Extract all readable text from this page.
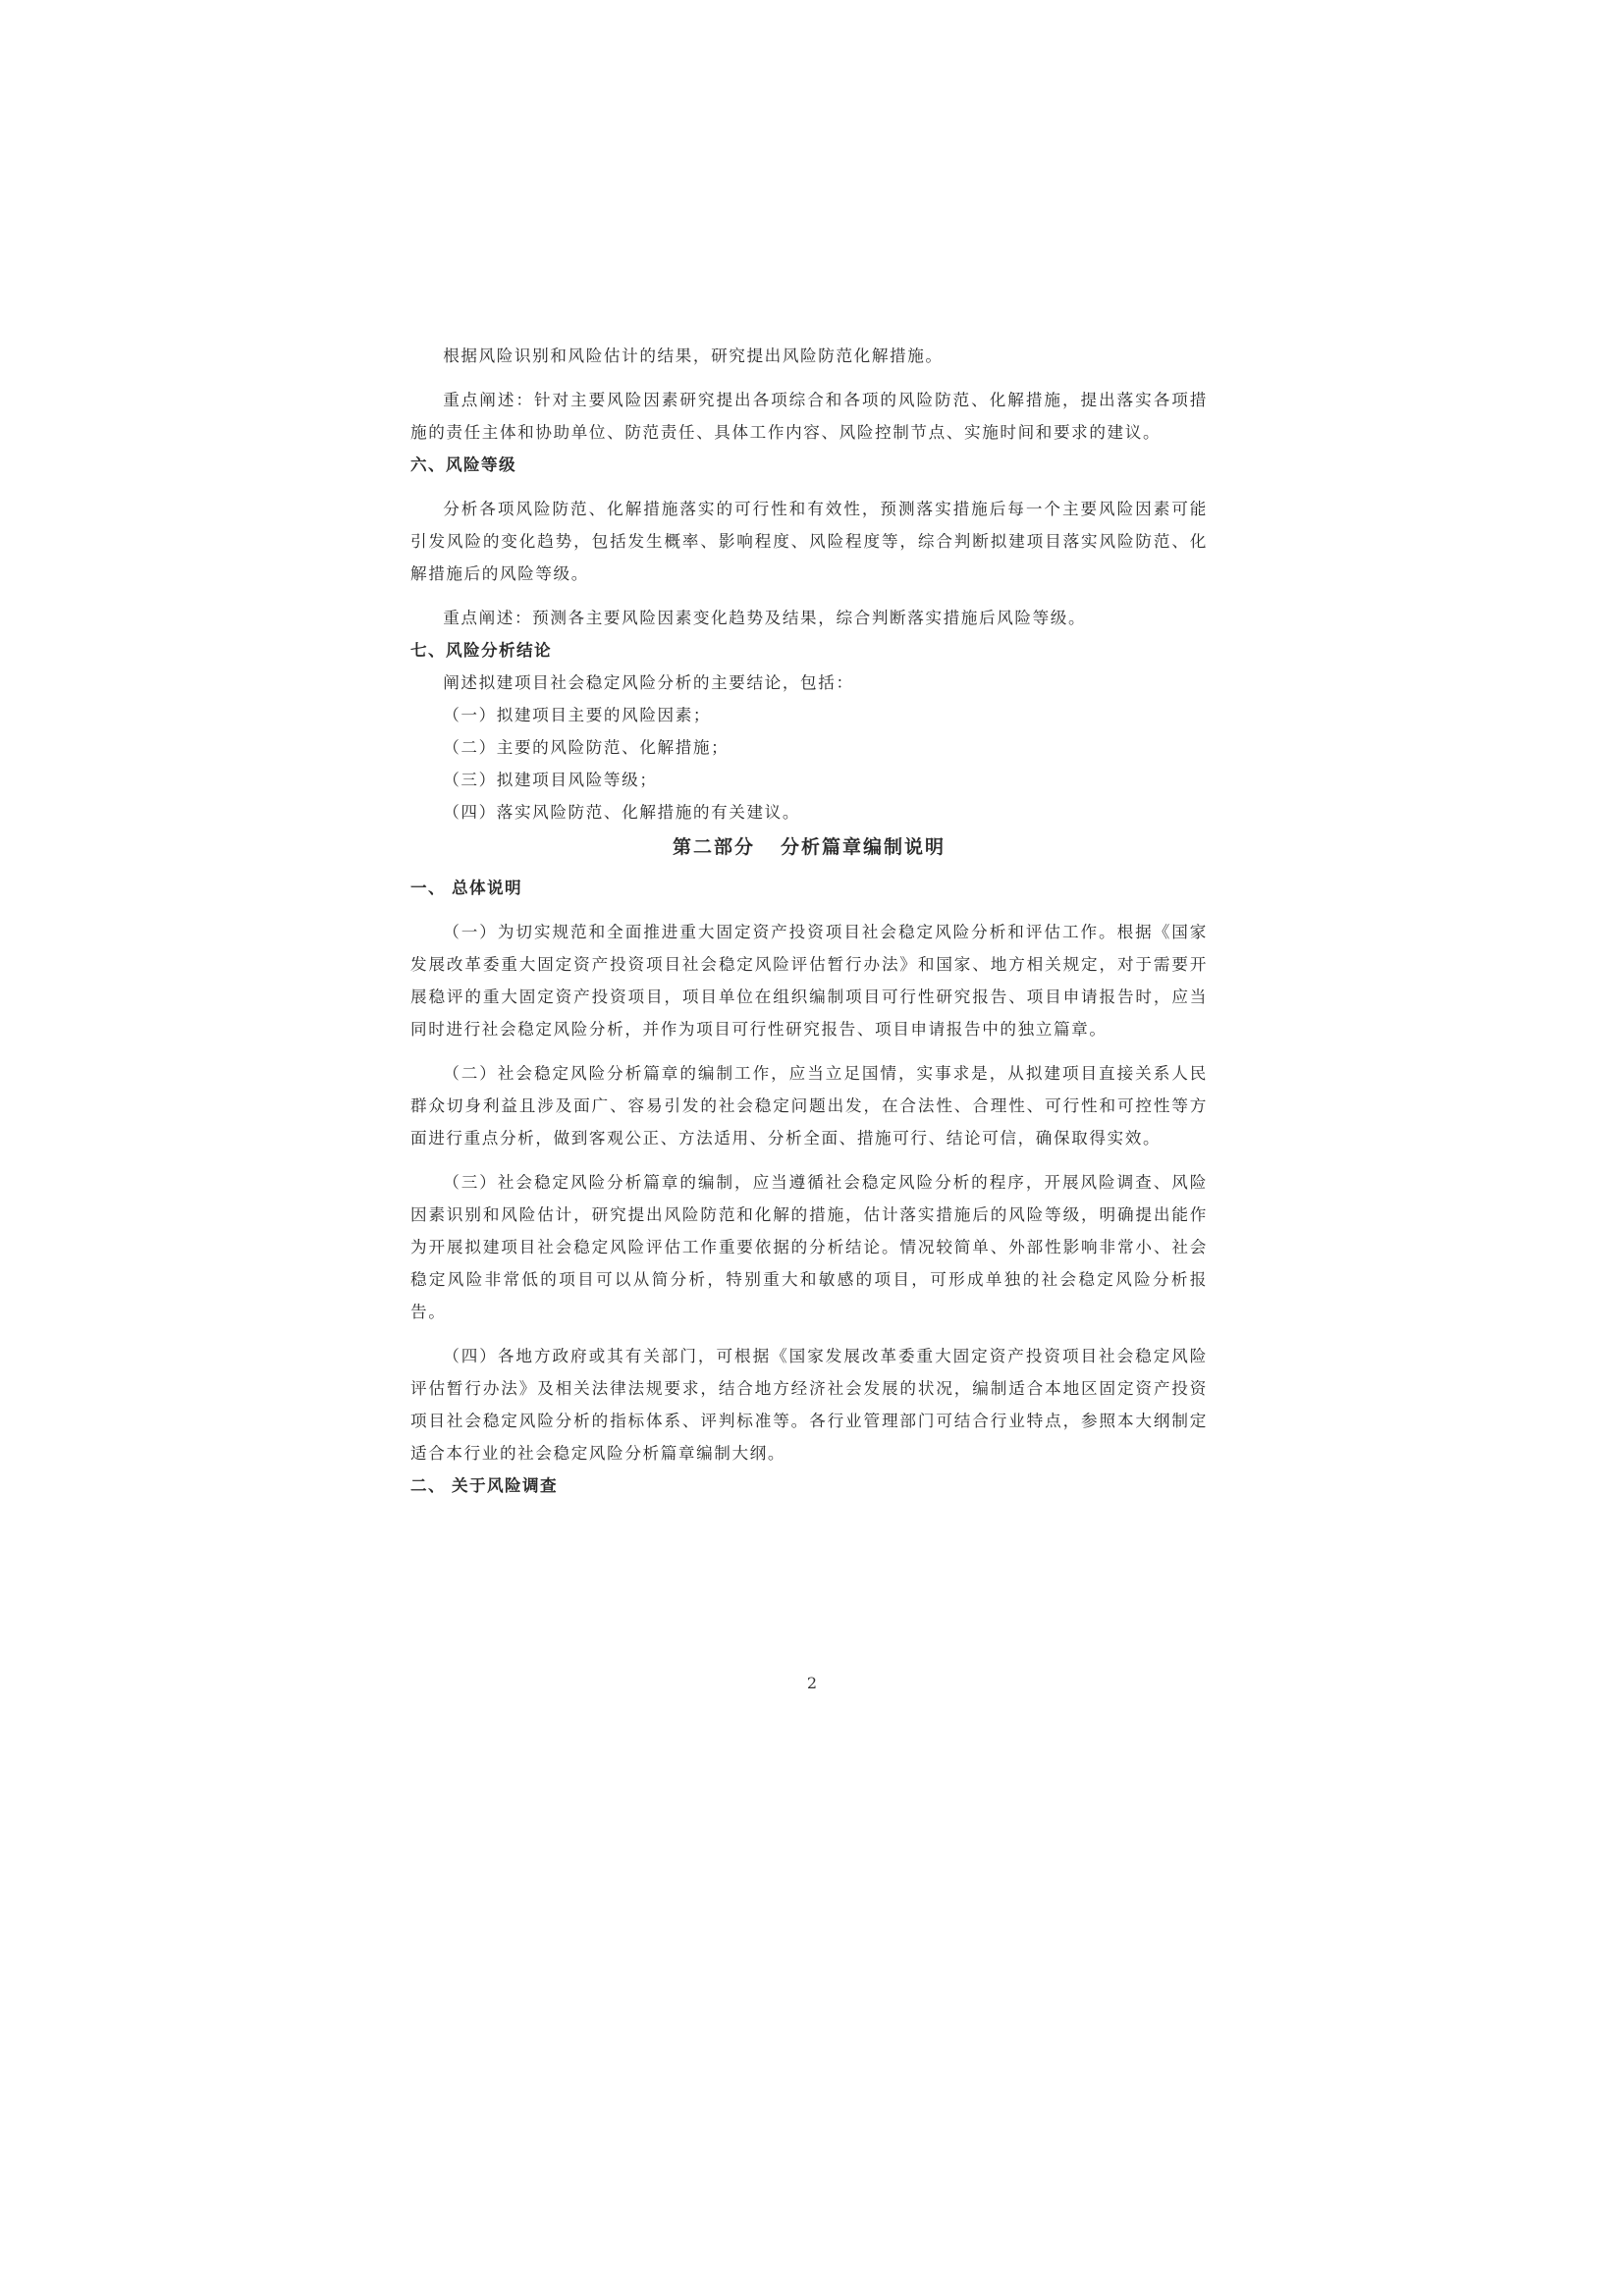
根据风险识别和风险估计的结果，研究提出风险防范化解措施。

重点阐述：针对主要风险因素研究提出各项综合和各项的风险防范、化解措施，提出落实各项措施的责任主体和协助单位、防范责任、具体工作内容、风险控制节点、实施时间和要求的建议。

六、风险等级

分析各项风险防范、化解措施落实的可行性和有效性，预测落实措施后每一个主要风险因素可能引发风险的变化趋势，包括发生概率、影响程度、风险程度等，综合判断拟建项目落实风险防范、化解措施后的风险等级。

重点阐述：预测各主要风险因素变化趋势及结果，综合判断落实措施后风险等级。

七、风险分析结论

阐述拟建项目社会稳定风险分析的主要结论，包括：

（一）拟建项目主要的风险因素；

（二）主要的风险防范、化解措施；

（三）拟建项目风险等级；

（四）落实风险防范、化解措施的有关建议。

第二部分 分析篇章编制说明

一、 总体说明

（一）为切实规范和全面推进重大固定资产投资项目社会稳定风险分析和评估工作。根据《国家发展改革委重大固定资产投资项目社会稳定风险评估暂行办法》和国家、地方相关规定，对于需要开展稳评的重大固定资产投资项目，项目单位在组织编制项目可行性研究报告、项目申请报告时，应当同时进行社会稳定风险分析，并作为项目可行性研究报告、项目申请报告中的独立篇章。

（二）社会稳定风险分析篇章的编制工作，应当立足国情，实事求是，从拟建项目直接关系人民群众切身利益且涉及面广、容易引发的社会稳定问题出发，在合法性、合理性、可行性和可控性等方面进行重点分析，做到客观公正、方法适用、分析全面、措施可行、结论可信，确保取得实效。

（三）社会稳定风险分析篇章的编制，应当遵循社会稳定风险分析的程序，开展风险调查、风险因素识别和风险估计，研究提出风险防范和化解的措施，估计落实措施后的风险等级，明确提出能作为开展拟建项目社会稳定风险评估工作重要依据的分析结论。情况较简单、外部性影响非常小、社会稳定风险非常低的项目可以从简分析，特别重大和敏感的项目，可形成单独的社会稳定风险分析报告。

（四）各地方政府或其有关部门，可根据《国家发展改革委重大固定资产投资项目社会稳定风险评估暂行办法》及相关法律法规要求，结合地方经济社会发展的状况，编制适合本地区固定资产投资项目社会稳定风险分析的指标体系、评判标准等。各行业管理部门可结合行业特点，参照本大纲制定适合本行业的社会稳定风险分析篇章编制大纲。

二、 关于风险调查

2
